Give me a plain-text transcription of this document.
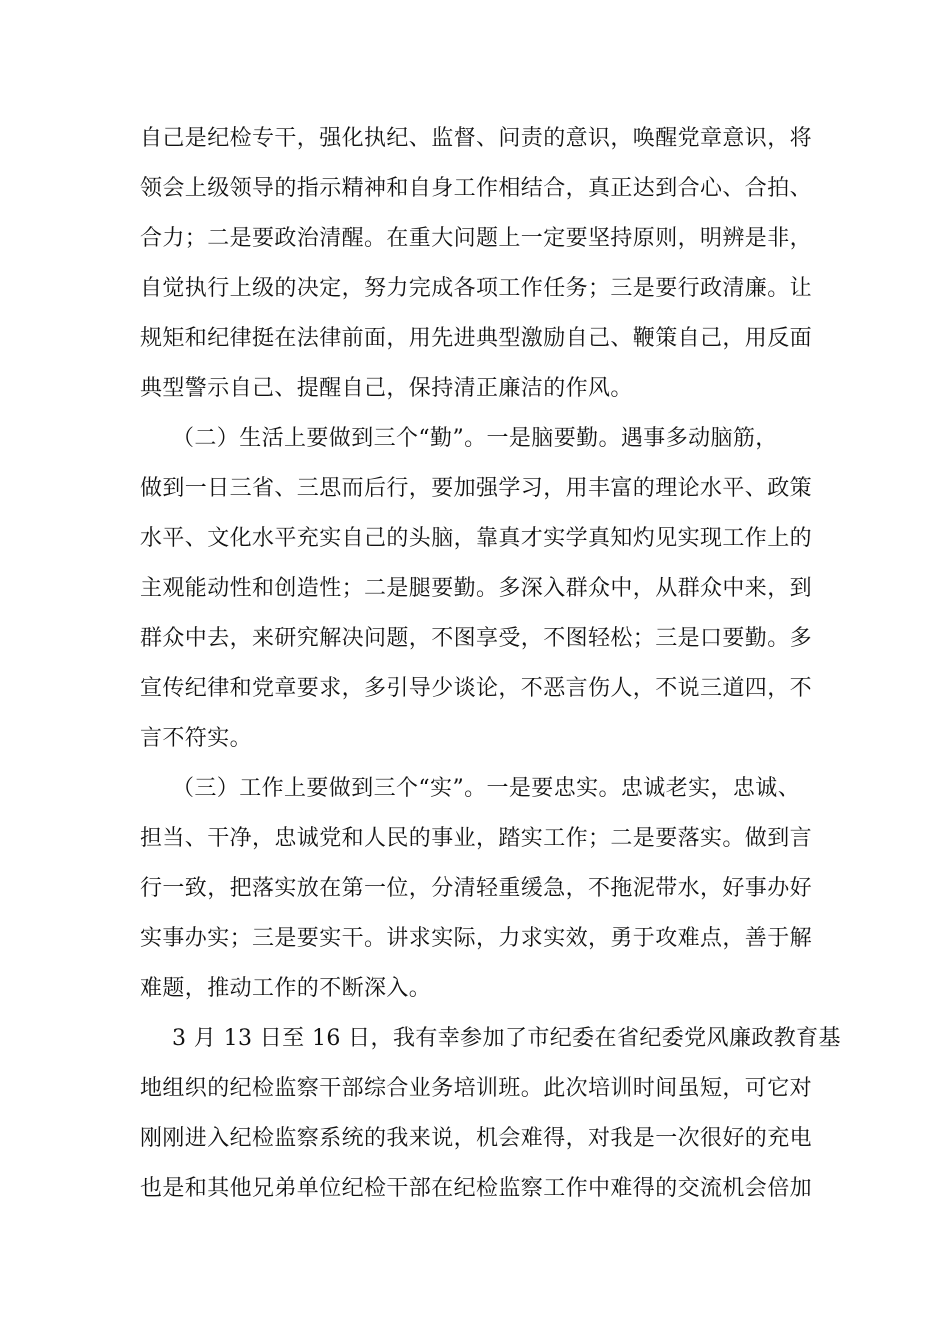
自己是纪检专干，强化执纪、监督、问责的意识，唤醒党章意识，将
领会上级领导的指示精神和自身工作相结合，真正达到合心、合拍、
合力；二是要政治清醒。在重大问题上一定要坚持原则，明辨是非，
自觉执行上级的决定，努力完成各项工作任务；三是要行政清廉。让
规矩和纪律挺在法律前面，用先进典型激励自己、鞭策自己，用反面
典型警示自己、提醒自己，保持清正廉洁的作风。
（二）生活上要做到三个“勤”。一是脑要勤。遇事多动脑筋，
做到一日三省、三思而后行，要加强学习，用丰富的理论水平、政策
水平、文化水平充实自己的头脑，靠真才实学真知灼见实现工作上的
主观能动性和创造性；二是腿要勤。多深入群众中，从群众中来，到
群众中去，来研究解决问题，不图享受，不图轻松；三是口要勤。多
宣传纪律和党章要求，多引导少谈论，不恶言伤人，不说三道四，不
言不符实。
（三）工作上要做到三个“实”。一是要忠实。忠诚老实，忠诚、
担当、干净，忠诚党和人民的事业，踏实工作；二是要落实。做到言
行一致，把落实放在第一位，分清轻重缓急，不拖泥带水，好事办好
实事办实；三是要实干。讲求实际，力求实效，勇于攻难点，善于解
难题，推动工作的不断深入。
3 月 13 日至 16 日，我有幸参加了市纪委在省纪委党风廉政教育基
地组织的纪检监察干部综合业务培训班。此次培训时间虽短，可它对
刚刚进入纪检监察系统的我来说，机会难得，对我是一次很好的充电
也是和其他兄弟单位纪检干部在纪检监察工作中难得的交流机会倍加
